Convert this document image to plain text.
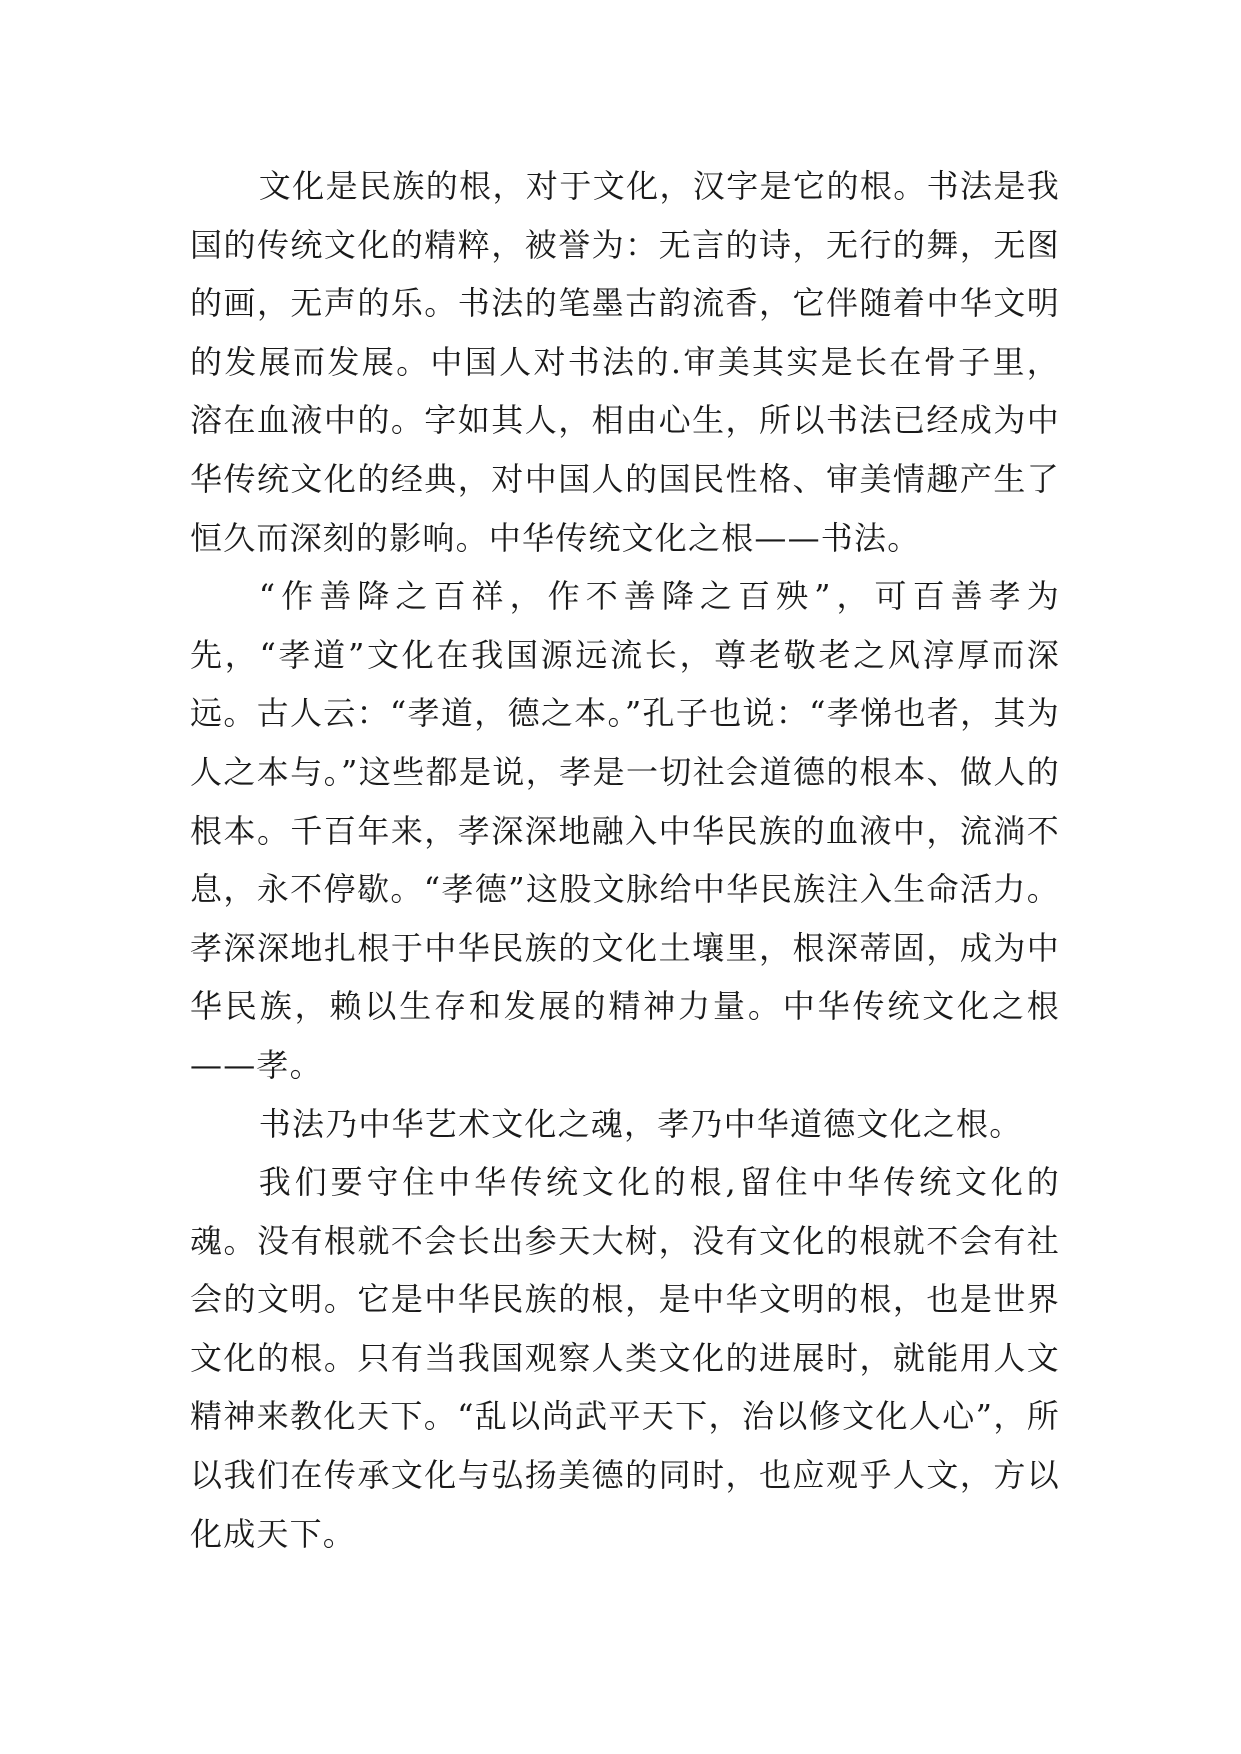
文化是民族的根，对于文化，汉字是它的根。书法是我国的传统文化的精粹，被誉为：无言的诗，无行的舞，无图的画，无声的乐。书法的笔墨古韵流香，它伴随着中华文明的发展而发展。中国人对书法的.审美其实是长在骨子里，溶在血液中的。字如其人，相由心生，所以书法已经成为中华传统文化的经典，对中国人的国民性格、审美情趣产生了恒久而深刻的影响。中华传统文化之根——书法。

“作善降之百祥，作不善降之百殃”，可百善孝为先，“孝道”文化在我国源远流长，尊老敬老之风淳厚而深远。古人云：“孝道，德之本。”孔子也说：“孝悌也者，其为人之本与。”这些都是说，孝是一切社会道德的根本、做人的根本。千百年来，孝深深地融入中华民族的血液中，流淌不息，永不停歇。“孝德”这股文脉给中华民族注入生命活力。孝深深地扎根于中华民族的文化土壤里，根深蒂固，成为中华民族，赖以生存和发展的精神力量。中华传统文化之根——孝。

书法乃中华艺术文化之魂，孝乃中华道德文化之根。

我们要守住中华传统文化的根,留住中华传统文化的魂。没有根就不会长出参天大树，没有文化的根就不会有社会的文明。它是中华民族的根，是中华文明的根，也是世界文化的根。只有当我国观察人类文化的进展时，就能用人文精神来教化天下。“乱以尚武平天下，治以修文化人心”，所以我们在传承文化与弘扬美德的同时，也应观乎人文，方以化成天下。
